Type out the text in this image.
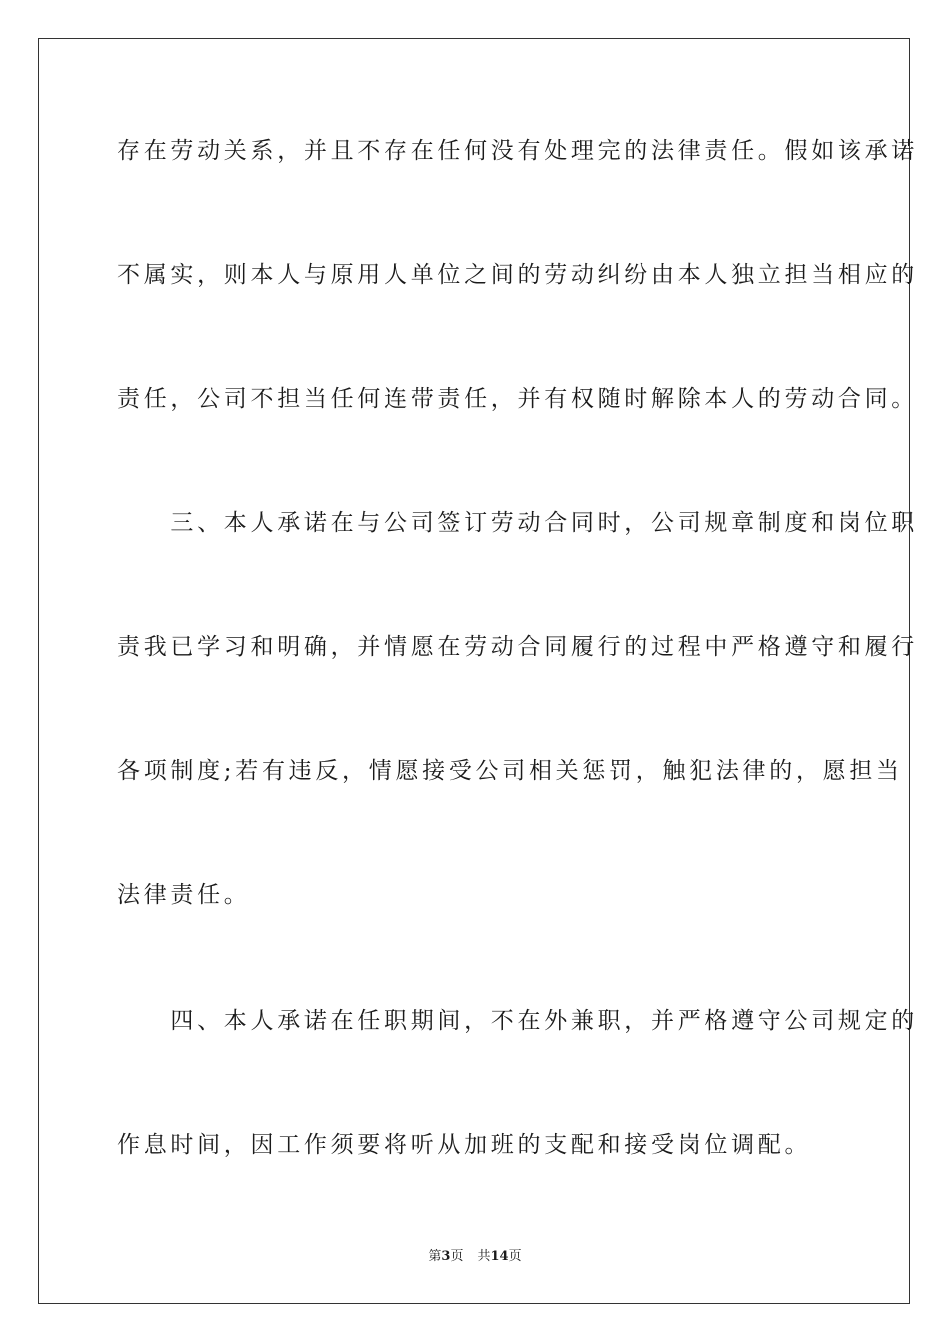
存在劳动关系，并且不存在任何没有处理完的法律责任。假如该承诺
不属实，则本人与原用人单位之间的劳动纠纷由本人独立担当相应的
责任，公司不担当任何连带责任，并有权随时解除本人的劳动合同。
　　三、本人承诺在与公司签订劳动合同时，公司规章制度和岗位职
责我已学习和明确，并情愿在劳动合同履行的过程中严格遵守和履行
各项制度;若有违反，情愿接受公司相关惩罚，触犯法律的，愿担当
法律责任。
　　四、本人承诺在任职期间，不在外兼职，并严格遵守公司规定的
作息时间，因工作须要将听从加班的支配和接受岗位调配。
第3页 共14页
